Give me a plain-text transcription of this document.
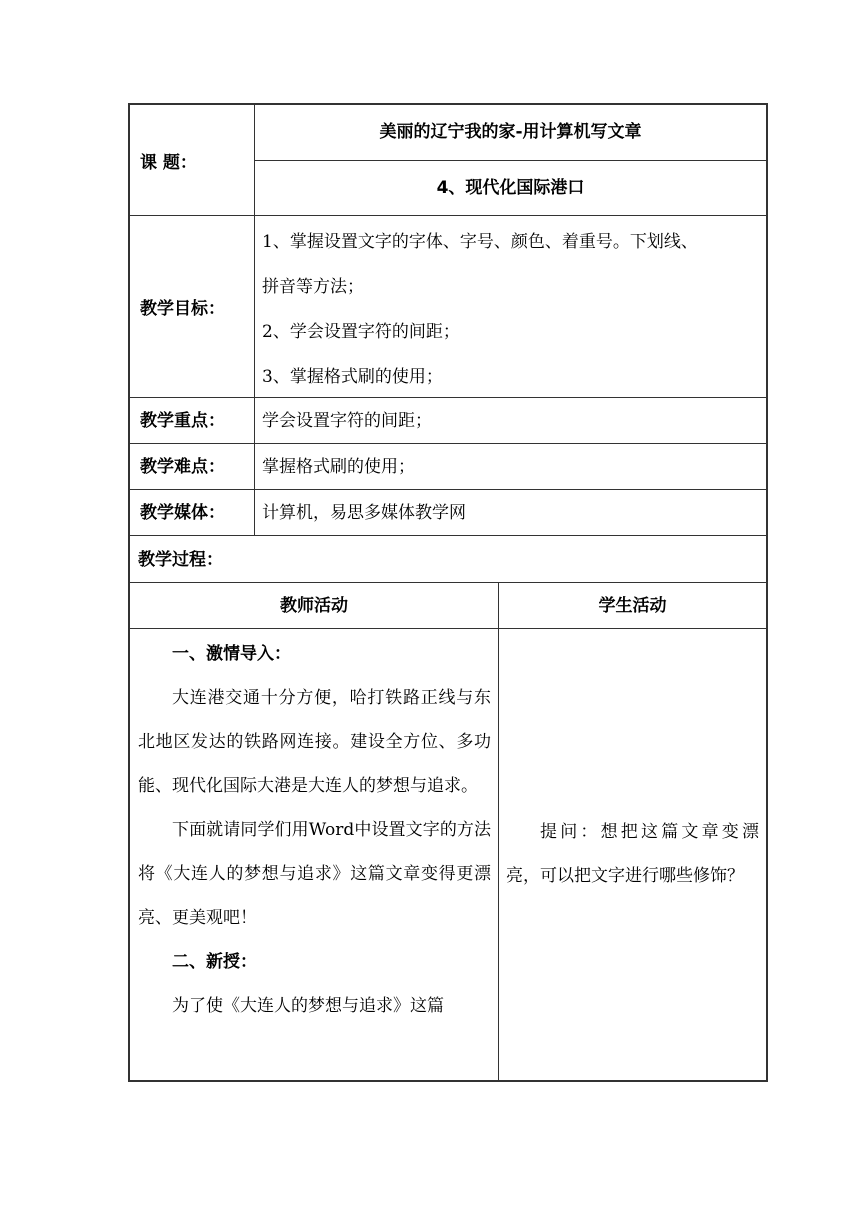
课 题：
美丽的辽宁我的家-用计算机写文章
4、现代化国际港口
教学目标：
1、掌握设置文字的字体、字号、颜色、着重号。下划线、
拼音等方法；
2、学会设置字符的间距；
3、掌握格式刷的使用；
教学重点： 学会设置字符的间距；
教学难点： 掌握格式刷的使用；
教学媒体： 计算机，易思多媒体教学网
教学过程：
教师活动	学生活动

一、激情导入：

大连港交通十分方便，哈打铁路正线与东北地区发达的铁路网连接。建设全方位、多功能、现代化国际大港是大连人的梦想与追求。

下面就请同学们用Word中设置文字的方法将《大连人的梦想与追求》这篇文章变得更漂亮、更美观吧！

二、新授：

为了使《大连人的梦想与追求》这篇

提问：想把这篇文章变漂亮，可以把文字进行哪些修饰？
